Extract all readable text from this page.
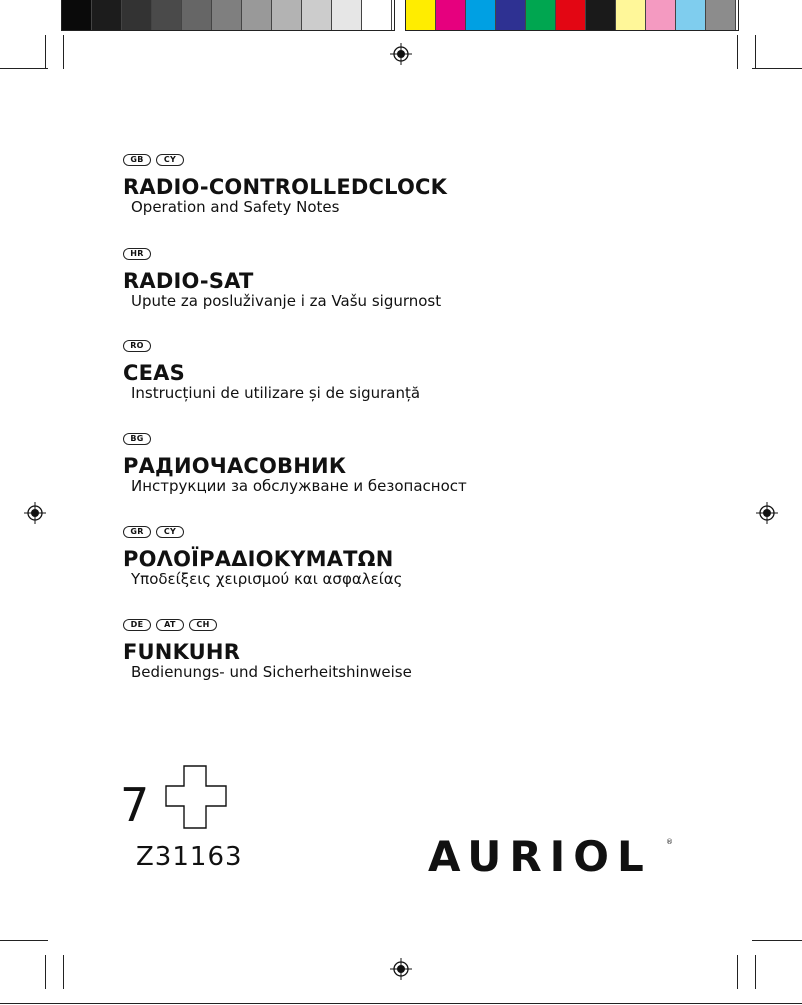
GB	CY
RADIO-CONTROLLEDCLOCK
Operation and Safety Notes
HR
RADIO-SAT
Upute za posluživanje i za Vašu sigurnost
RO
CEAS
Instrucțiuni de utilizare și de siguranță
BG
РАДИОЧАСОВНИК
Инструкции за обслужване и безопасност
GR	CY
ΡΟΛΟΪΡΑΔΙΟΚΥΜΑΤΩΝ
Υποδείξεις χειρισμού και ασφαλείας
DE	AT	CH
FUNKUHR
Bedienungs- und Sicherheitshinweise
7
Z31163	AURIOL ®
